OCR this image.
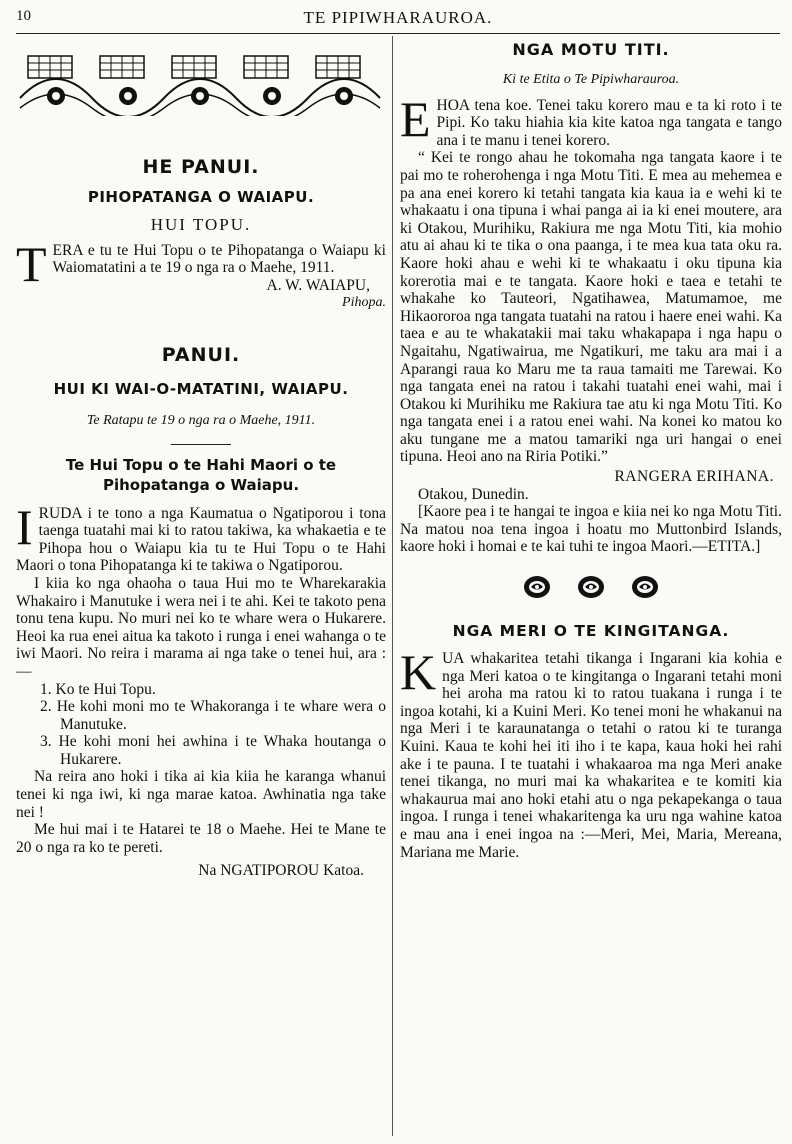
10	TE PIPIWHARAUROA.
HE PANUI.
PIHOPATANGA O WAIAPU.

HUI TOPU.

TERA e tu te Hui Topu o te Pihopatanga o Waiapu ki Waiomatatini a te 19 o nga ra o Maehe, 1911.

A. W. WAIAPU,

Pihopa.

PANUI.
HUI KI WAI-O-MATATINI, WAIAPU.

Te Ratapu te 19 o nga ra o Maehe, 1911.

Te Hui Topu o te Hahi Maori o te Pihopatanga o Waiapu.

IRUDA i te tono a nga Kaumatua o Ngatiporou i tona taenga tuatahi mai ki to ratou takiwa, ka whakaetia e te Pihopa hou o Waiapu kia tu te Hui Topu o te Hahi Maori o tona Pihopatanga ki te takiwa o Ngatiporou.

I kiia ko nga ohaoha o taua Hui mo te Wharekarakia Whakairo i Manutuke i wera nei i te ahi. Kei te takoto pena tonu tena kupu. No muri nei ko te whare wera o Hukarere. Heoi ka rua enei aitua ka takoto i runga i enei wahanga o te iwi Maori. No reira i marama ai nga take o tenei hui, ara :—

1. Ko te Hui Topu.
2. He kohi moni mo te Whakoranga i te whare wera o Manutuke.
3. He kohi moni hei awhina i te Whaka houtanga o Hukarere.

Na reira ano hoki i tika ai kia kiia he karanga whanui tenei ki nga iwi, ki nga marae katoa. Awhinatia nga take nei !

Me hui mai i te Hatarei te 18 o Maehe. Hei te Mane te 20 o nga ra ko te pereti.

Na NGATIPOROU Katoa.

NGA MOTU TITI.

Ki te Etita o Te Pipiwharauroa.

EHOA tena koe. Tenei taku korero mau e ta ki roto i te Pipi. Ko taku hiahia kia kite katoa nga tangata e tango ana i te manu i tenei korero.

“ Kei te rongo ahau he tokomaha nga tangata kaore i te pai mo te roherohenga i nga Motu Titi. E mea au mehemea e pa ana enei korero ki tetahi tangata kia kaua ia e wehi ki te whakaatu i ona tipuna i whai panga ai ia ki enei moutere, ara ki Otakou, Murihiku, Rakiura me nga Motu Titi, kia mohio atu ai ahau ki te tika o ona paanga, i te mea kua tata oku ra. Kaore hoki ahau e wehi ki te whakaatu i oku tipuna kia korerotia mai e te tangata. Kaore hoki e taea e tetahi te whakahe ko Tauteori, Ngatihawea, Matumamoe, me Hikaororoa nga tangata tuatahi na ratou i haere enei wahi. Ka taea e au te whakatakii mai taku whakapapa i nga hapu o Ngaitahu, Ngatiwairua, me Ngatikuri, me taku ara mai i a Aparangi raua ko Maru me ta raua tamaiti me Tarewai. Ko nga tangata enei na ratou i takahi tuatahi enei wahi, mai i Otakou ki Murihiku me Rakiura tae atu ki nga Motu Titi. Ko nga tangata enei i a ratou enei wahi. Na konei ko matou ko aku tungane me a matou tamariki nga uri hangai o enei tipuna. Heoi ano na Riria Potiki.”

RANGERA ERIHANA.

Otakou, Dunedin.

[Kaore pea i te hangai te ingoa e kiia nei ko nga Motu Titi. Na matou noa tena ingoa i hoatu mo Muttonbird Islands, kaore hoki i homai e te kai tuhi te ingoa Maori.—ETITA.]

NGA MERI O TE KINGITANGA.

KUA whakaritea tetahi tikanga i Ingarani kia kohia e nga Meri katoa o te kingitanga o Ingarani tetahi moni hei aroha ma ratou ki to ratou tuakana i runga i te ingoa kotahi, ki a Kuini Meri. Ko tenei moni he whakanui na nga Meri i te karaunatanga o tetahi o ratou ki te turanga Kuini. Kaua te kohi hei iti iho i te kapa, kaua hoki hei rahi ake i te pauna. I te tuatahi i whakaaroa ma nga Meri anake tenei tikanga, no muri mai ka whakaritea e te komiti kia whakaurua mai ano hoki etahi atu o nga pekapekanga o taua ingoa. I runga i tenei whakaritenga ka uru nga wahine katoa e mau ana i enei ingoa na :—Meri, Mei, Maria, Mereana, Mariana me Marie.
